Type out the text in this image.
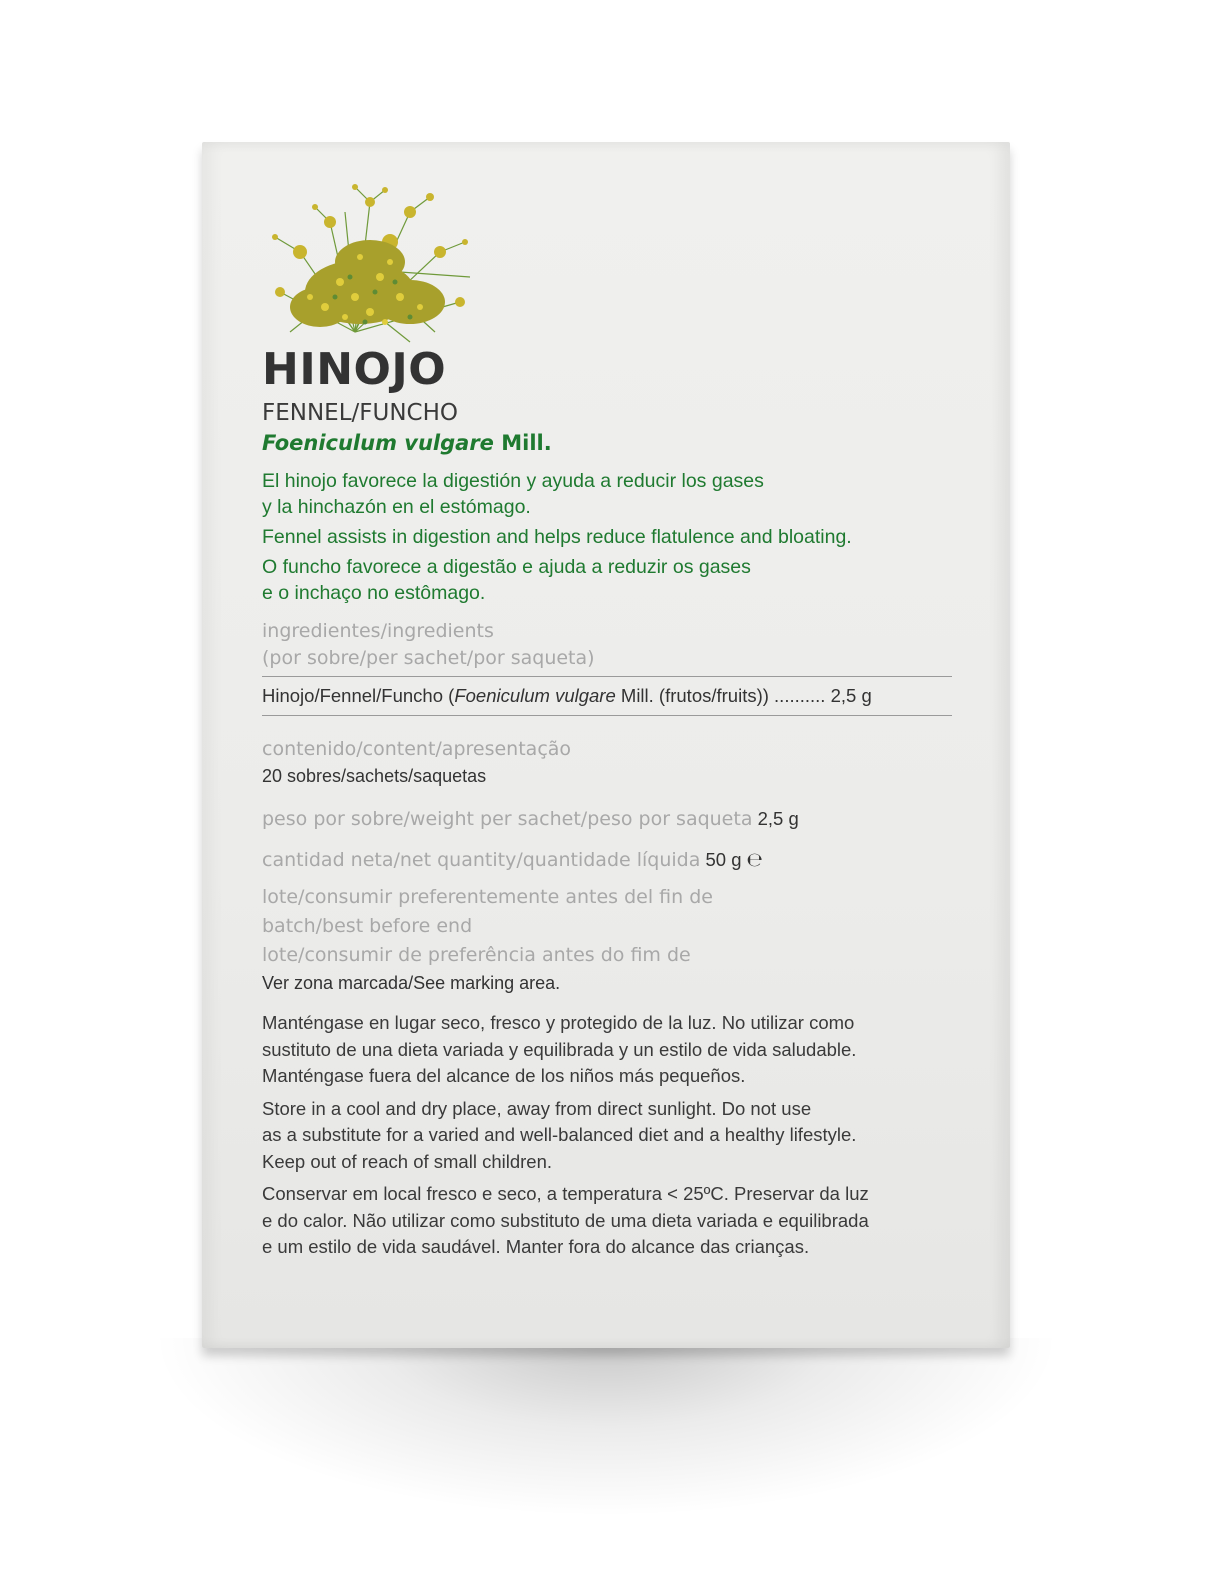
HINOJO

FENNEL/FUNCHO

Foeniculum vulgare Mill.

El hinojo favorece la digestión y ayuda a reducir los gases

y la hinchazón en el estómago.

Fennel assists in digestion and helps reduce flatulence and bloating.

O funcho favorece a digestão e ajuda a reduzir os gases

e o inchaço no estômago.

ingredientes/ingredients

(por sobre/per sachet/por saqueta)

Hinojo/Fennel/Funcho (Foeniculum vulgare Mill. (frutos/fruits)) .......... 2,5 g

contenido/content/apresentação

20 sobres/sachets/saquetas

peso por sobre/weight per sachet/peso por saqueta 2,5 g

cantidad neta/net quantity/quantidade líquida 50 g ℮

lote/consumir preferentemente antes del fin de

batch/best before end

lote/consumir de preferência antes do fim de

Ver zona marcada/See marking area.

Manténgase en lugar seco, fresco y protegido de la luz. No utilizar como

sustituto de una dieta variada y equilibrada y un estilo de vida saludable.

Manténgase fuera del alcance de los niños más pequeños.

Store in a cool and dry place, away from direct sunlight. Do not use

as a substitute for a varied and well-balanced diet and a healthy lifestyle.

Keep out of reach of small children.

Conservar em local fresco e seco, a temperatura < 25ºC. Preservar da luz

e do calor. Não utilizar como substituto de uma dieta variada e equilibrada

e um estilo de vida saudável. Manter fora do alcance das crianças.
